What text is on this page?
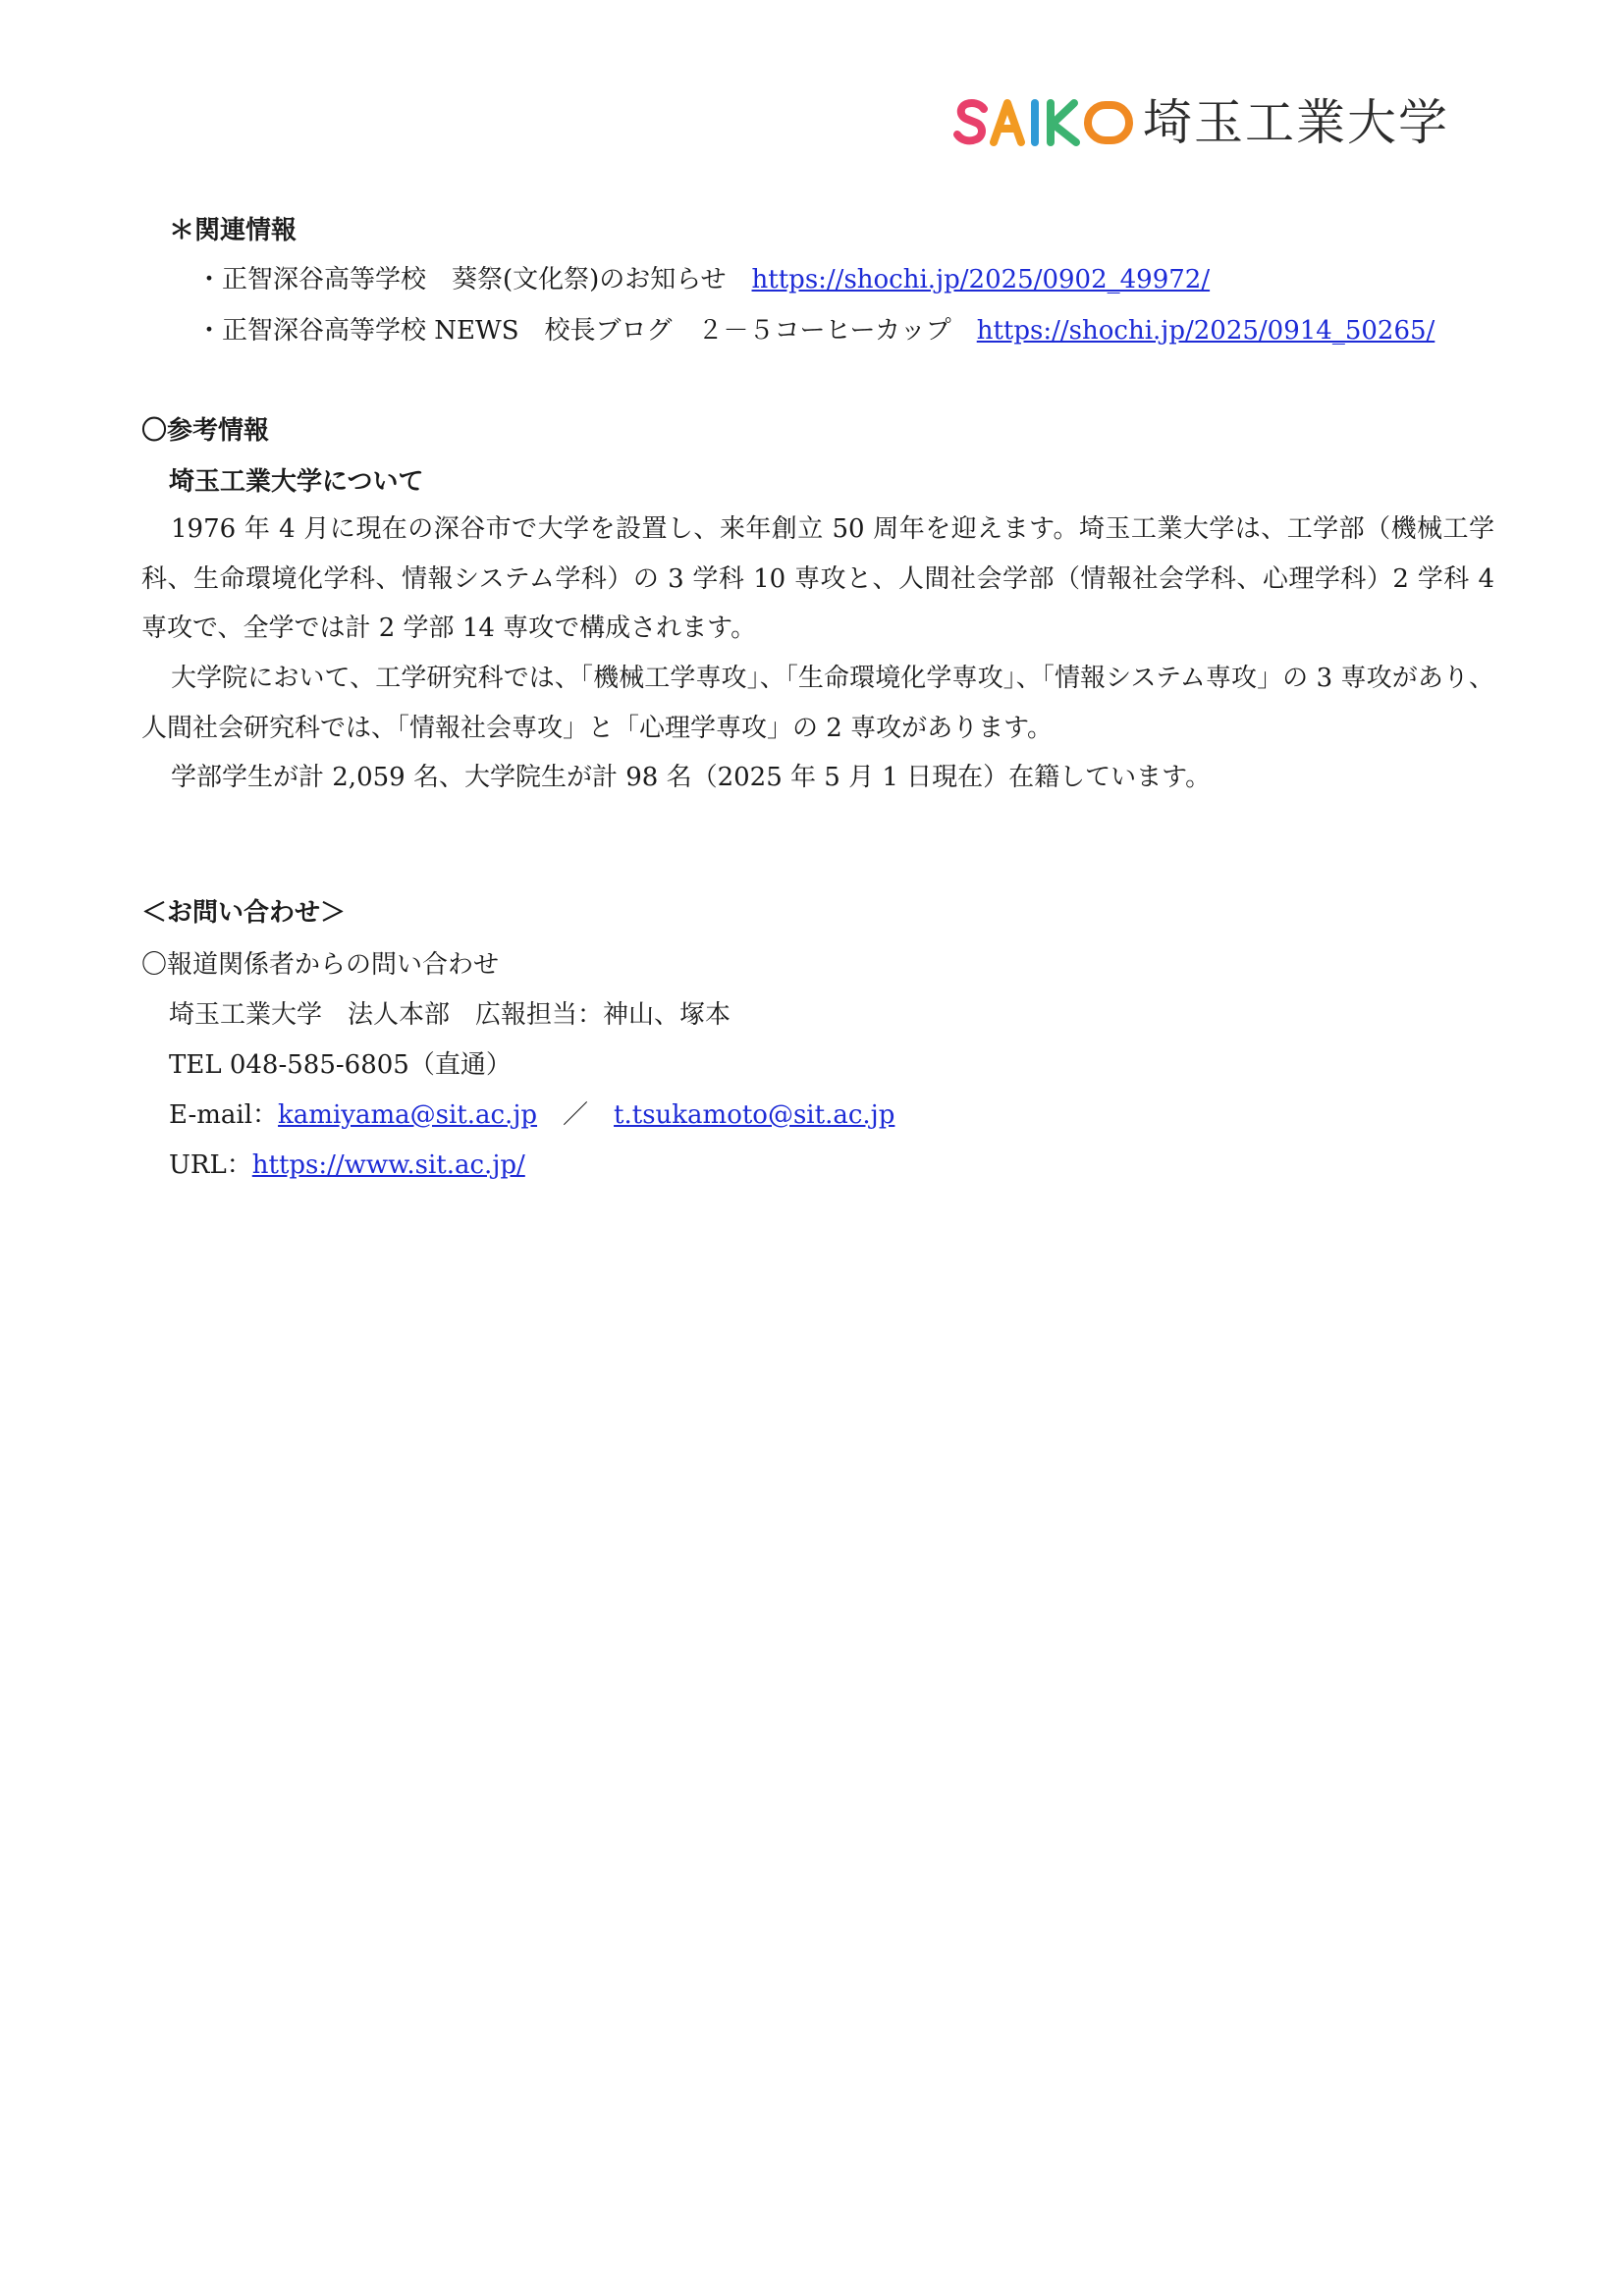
埼玉工業大学
＊関連情報
・正智深谷高等学校　葵祭(文化祭)のお知らせ　https://shochi.jp/2025/0902_49972/
・正智深谷高等学校 NEWS　校長ブログ　２－５コーヒーカップ　https://shochi.jp/2025/0914_50265/
〇参考情報
埼玉工業大学について
1976 年 4 月に現在の深谷市で大学を設置し、来年創立 50 周年を迎えます。埼玉工業大学は、工学部（機械工学科、生命環境化学科、情報システム学科）の 3 学科 10 専攻と、人間社会学部（情報社会学科、心理学科）2 学科 4 専攻で、全学では計 2 学部 14 専攻で構成されます。
大学院において、工学研究科では、「機械工学専攻」、「生命環境化学専攻」、「情報システム専攻」の 3 専攻があり、人間社会研究科では、「情報社会専攻」と「心理学専攻」の 2 専攻があります。
学部学生が計 2,059 名、大学院生が計 98 名（2025 年 5 月 1 日現在）在籍しています。
＜お問い合わせ＞
〇報道関係者からの問い合わせ
埼玉工業大学　法人本部　広報担当：神山、塚本
TEL 048-585-6805（直通）
E-mail：kamiyama@sit.ac.jp　／　t.tsukamoto@sit.ac.jp
URL：https://www.sit.ac.jp/
